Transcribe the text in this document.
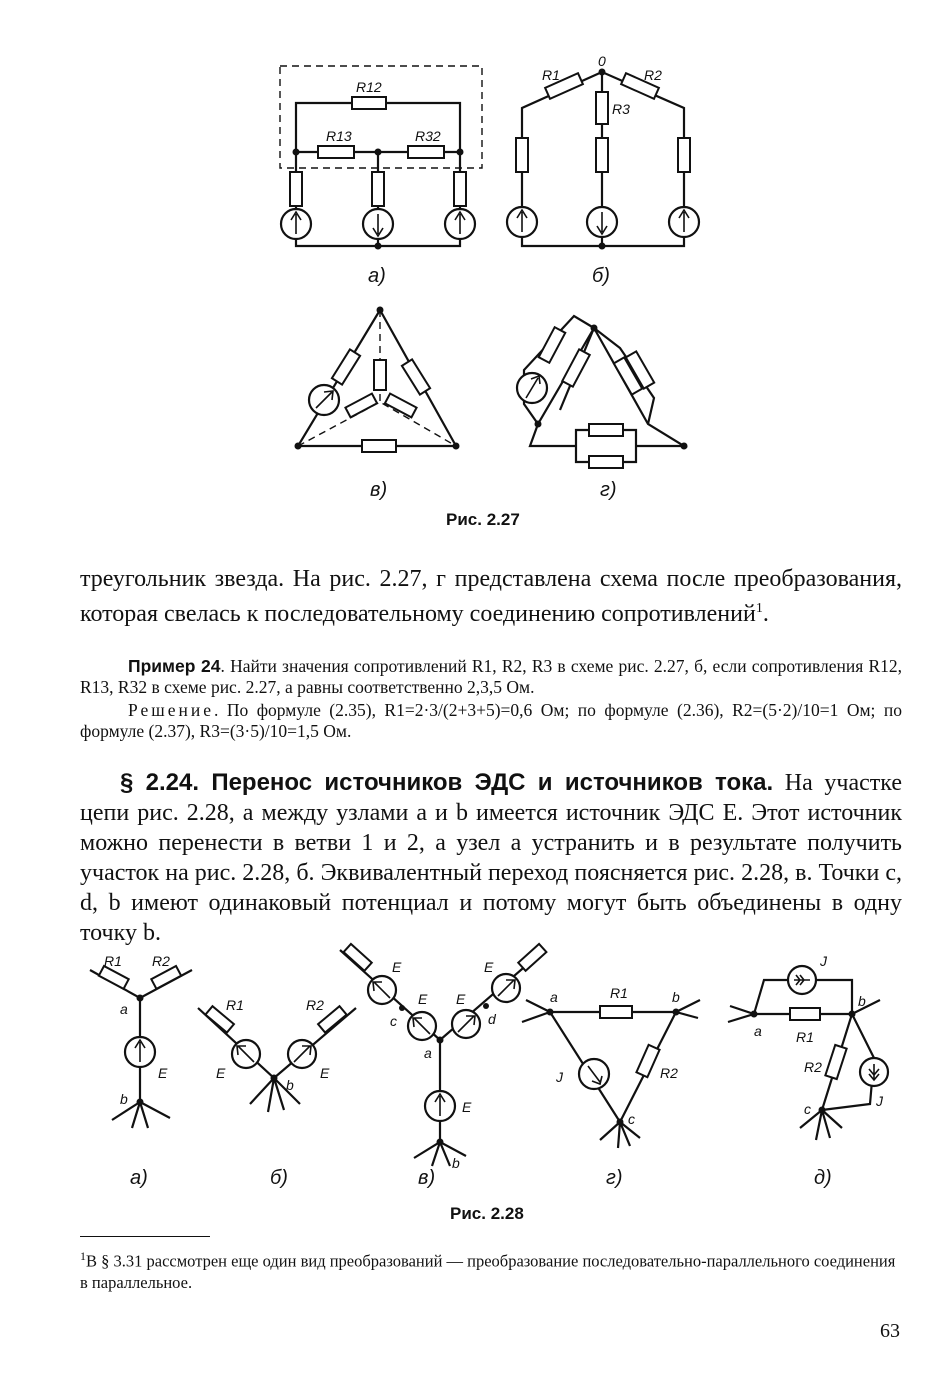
R12
R13	R32
а)
0
R1	R2
R3
б)
в)	г)
Рис. 2.27
треугольник звезда. На рис. 2.27, г представлена схема после преобразования, которая свелась к последовательному соединению сопротивлений$^1$.
Пример 24. Найти значения сопротивлений R1, R2, R3 в схеме рис. 2.27, б, если сопротивления R12, R13, R32 в схеме рис. 2.27, а равны соответственно 2,3,5 Ом.
Решение. По формуле (2.35), R1=2·3/(2+3+5)=0,6 Ом; по формуле (2.36), R2=(5·2)/10=1 Ом; по формуле (2.37), R3=(3·5)/10=1,5 Ом.
§ 2.24. Перенос источников ЭДС и источников тока. На участке цепи рис. 2.28, а между узлами a и b имеется источник ЭДС E. Этот источник можно перенести в ветви 1 и 2, а узел a устранить и в результате получить участок на рис. 2.28, б. Эквивалентный переход поясняется рис. 2.28, в. Точки c, d, b имеют одинаковый потенциал и потому могут быть объединены в одну точку b.
R1 R2
a
E
b
а)
R1	R2
E	E
b
б)
E	E
E E
c	d
a
E
b
в)
a	b
R1
R2
J
c
г)
J
b
a R1
R2
J
c
д)
Рис. 2.28
$^1$В § 3.31 рассмотрен еще один вид преобразований — преобразование последовательно-параллельного соединения в параллельное.
63
